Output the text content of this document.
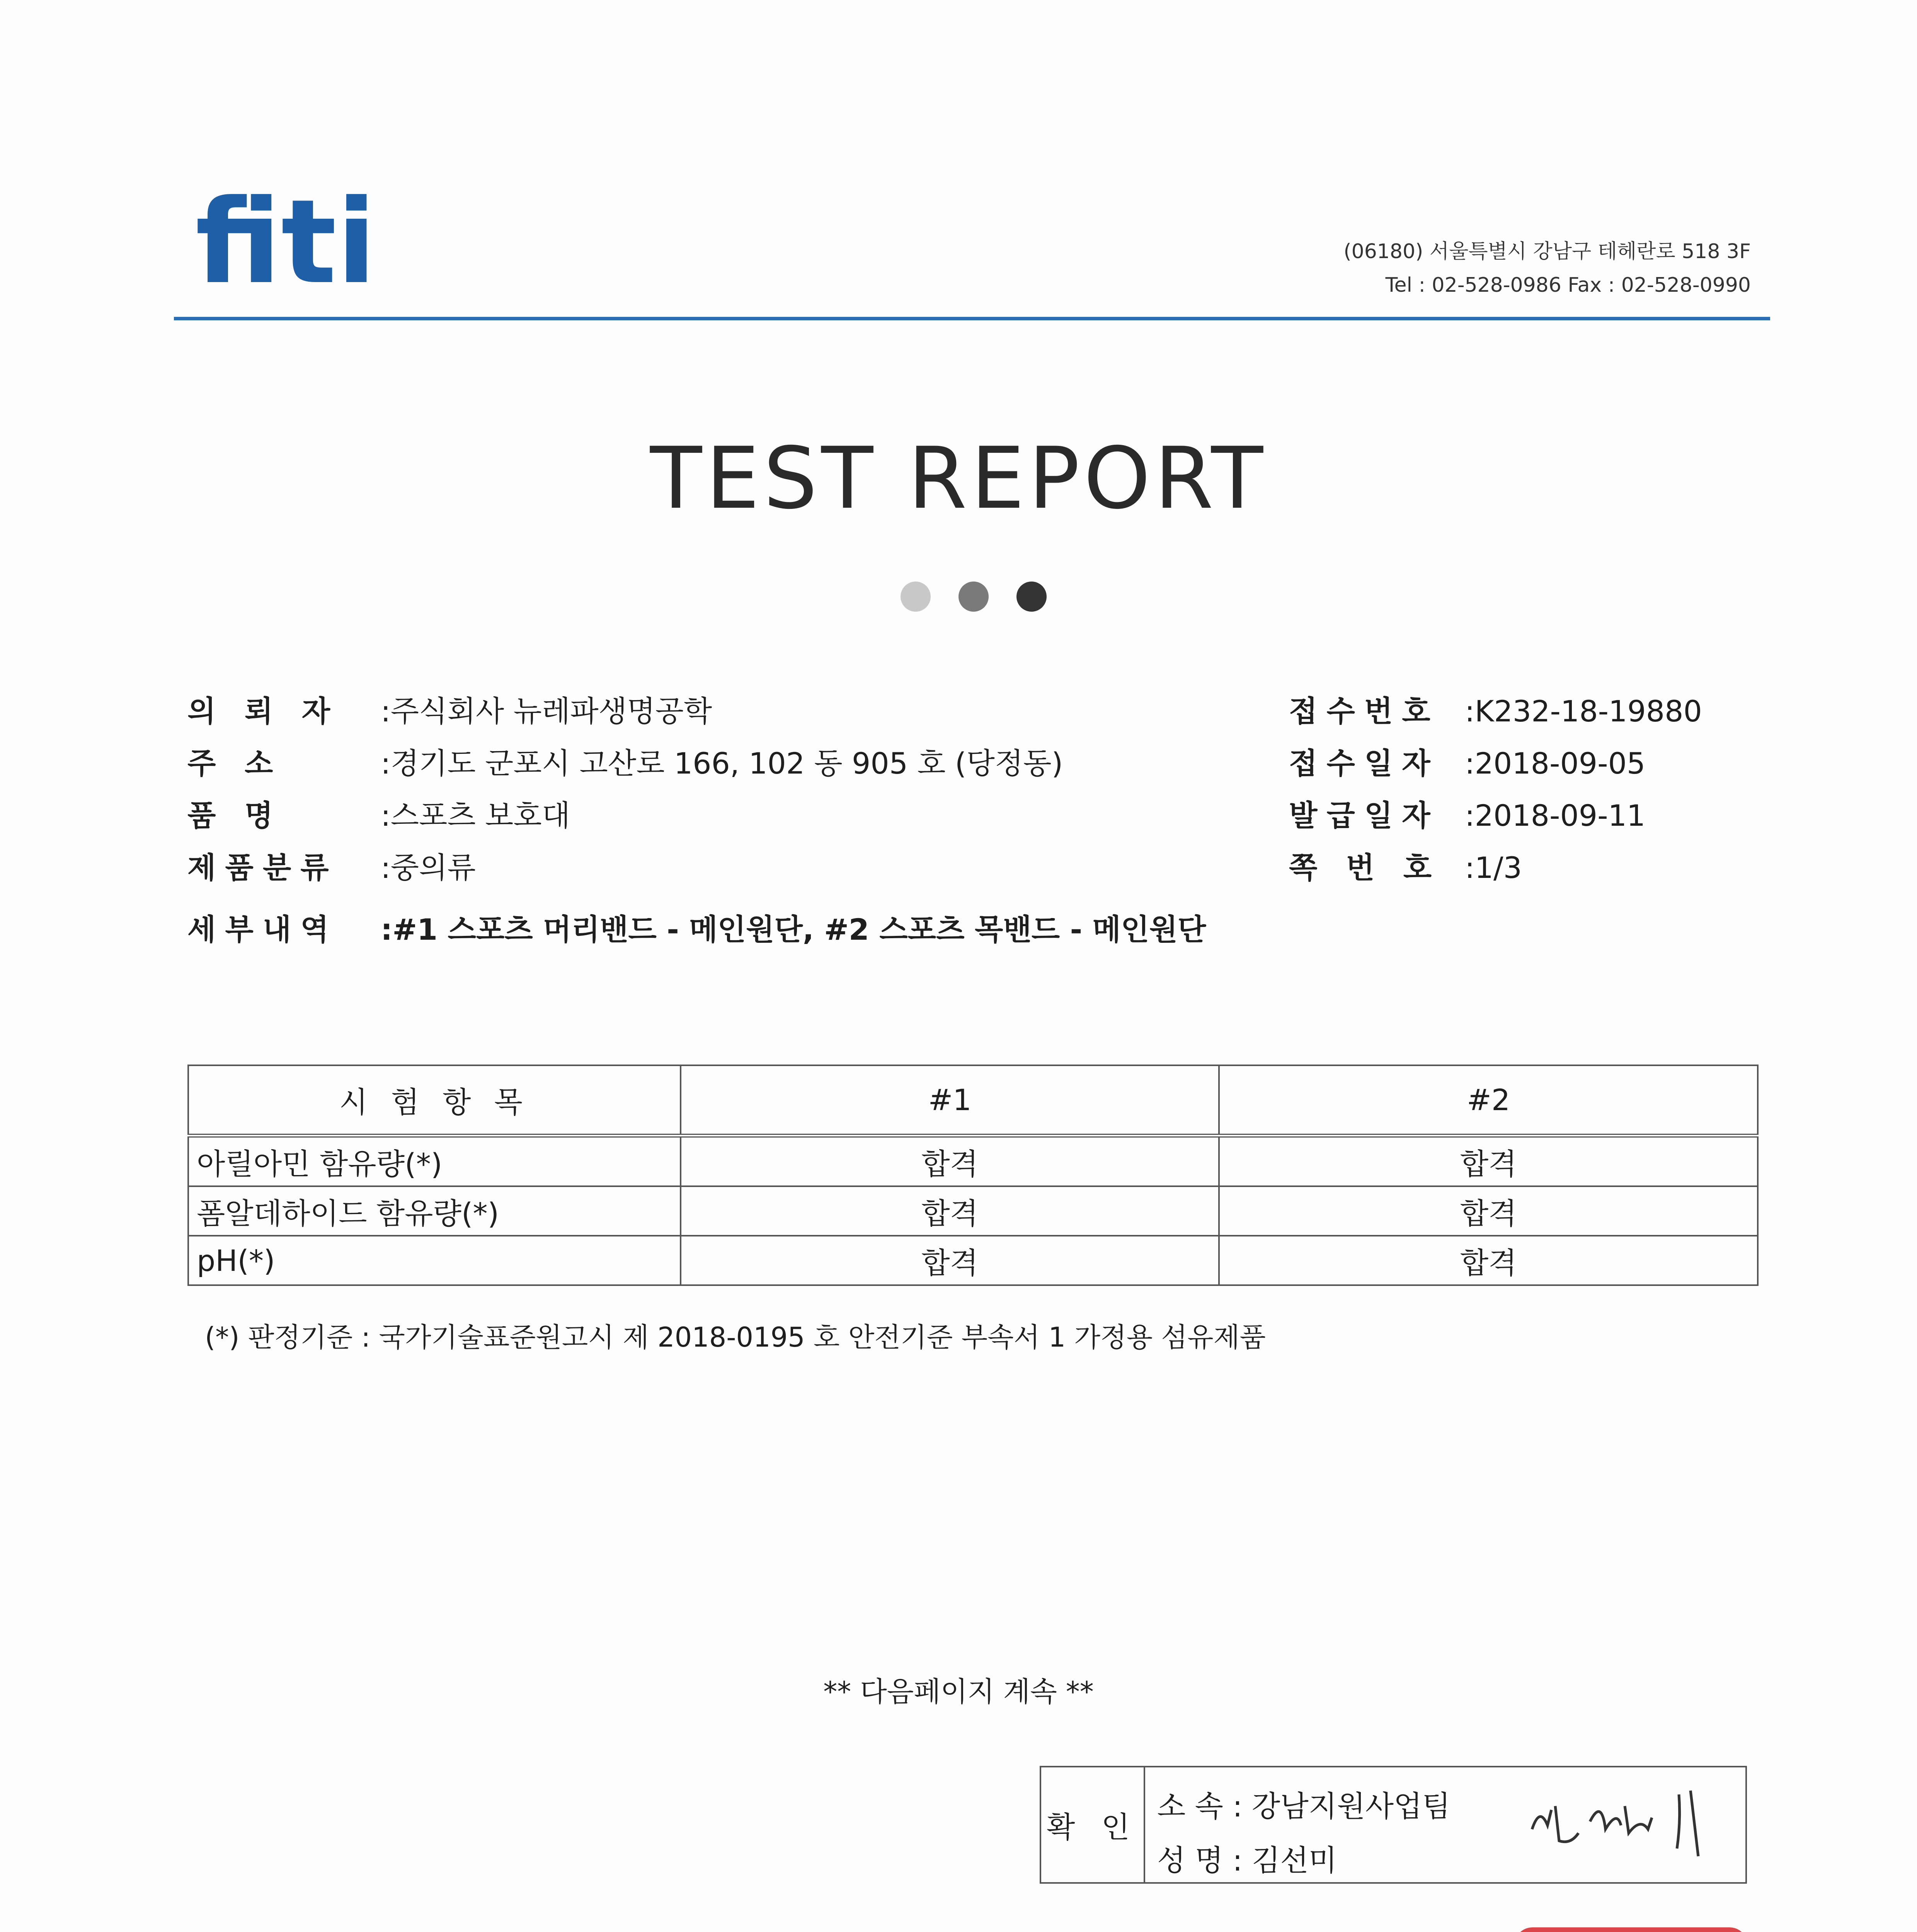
fiti	(06180) 서울특별시 강남구 테헤란로 518 3F
Tel : 02-528-0986 Fax : 02-528-0990
TEST REPORT
의 뢰 자 :주식회사 뉴레파생명공학
주 소	:경기도 군포시 고산로 166, 102 동 905 호 (당정동)
품 명	:스포츠 보호대
제품분류 :중의류
접수번호 :K232-18-19880
접수일자 :2018-09-05
발급일자 :2018-09-11
쪽 번 호 :1/3
세부내역 :#1 스포츠 머리밴드 - 메인원단, #2 스포츠 목밴드 - 메인원단
시 험 항 목	#1	#2
아릴아민 함유량(*)	합격	합격
폼알데하이드 함유량(*)	합격	합격
pH(*)	합격	합격
(*) 판정기준 : 국가기술표준원고시 제 2018-0195 호 안전기준 부속서 1 가정용 섬유제품
** 다음페이지 계속 **
확 인
소 속 : 강남지원사업팀
성 명 : 김선미
